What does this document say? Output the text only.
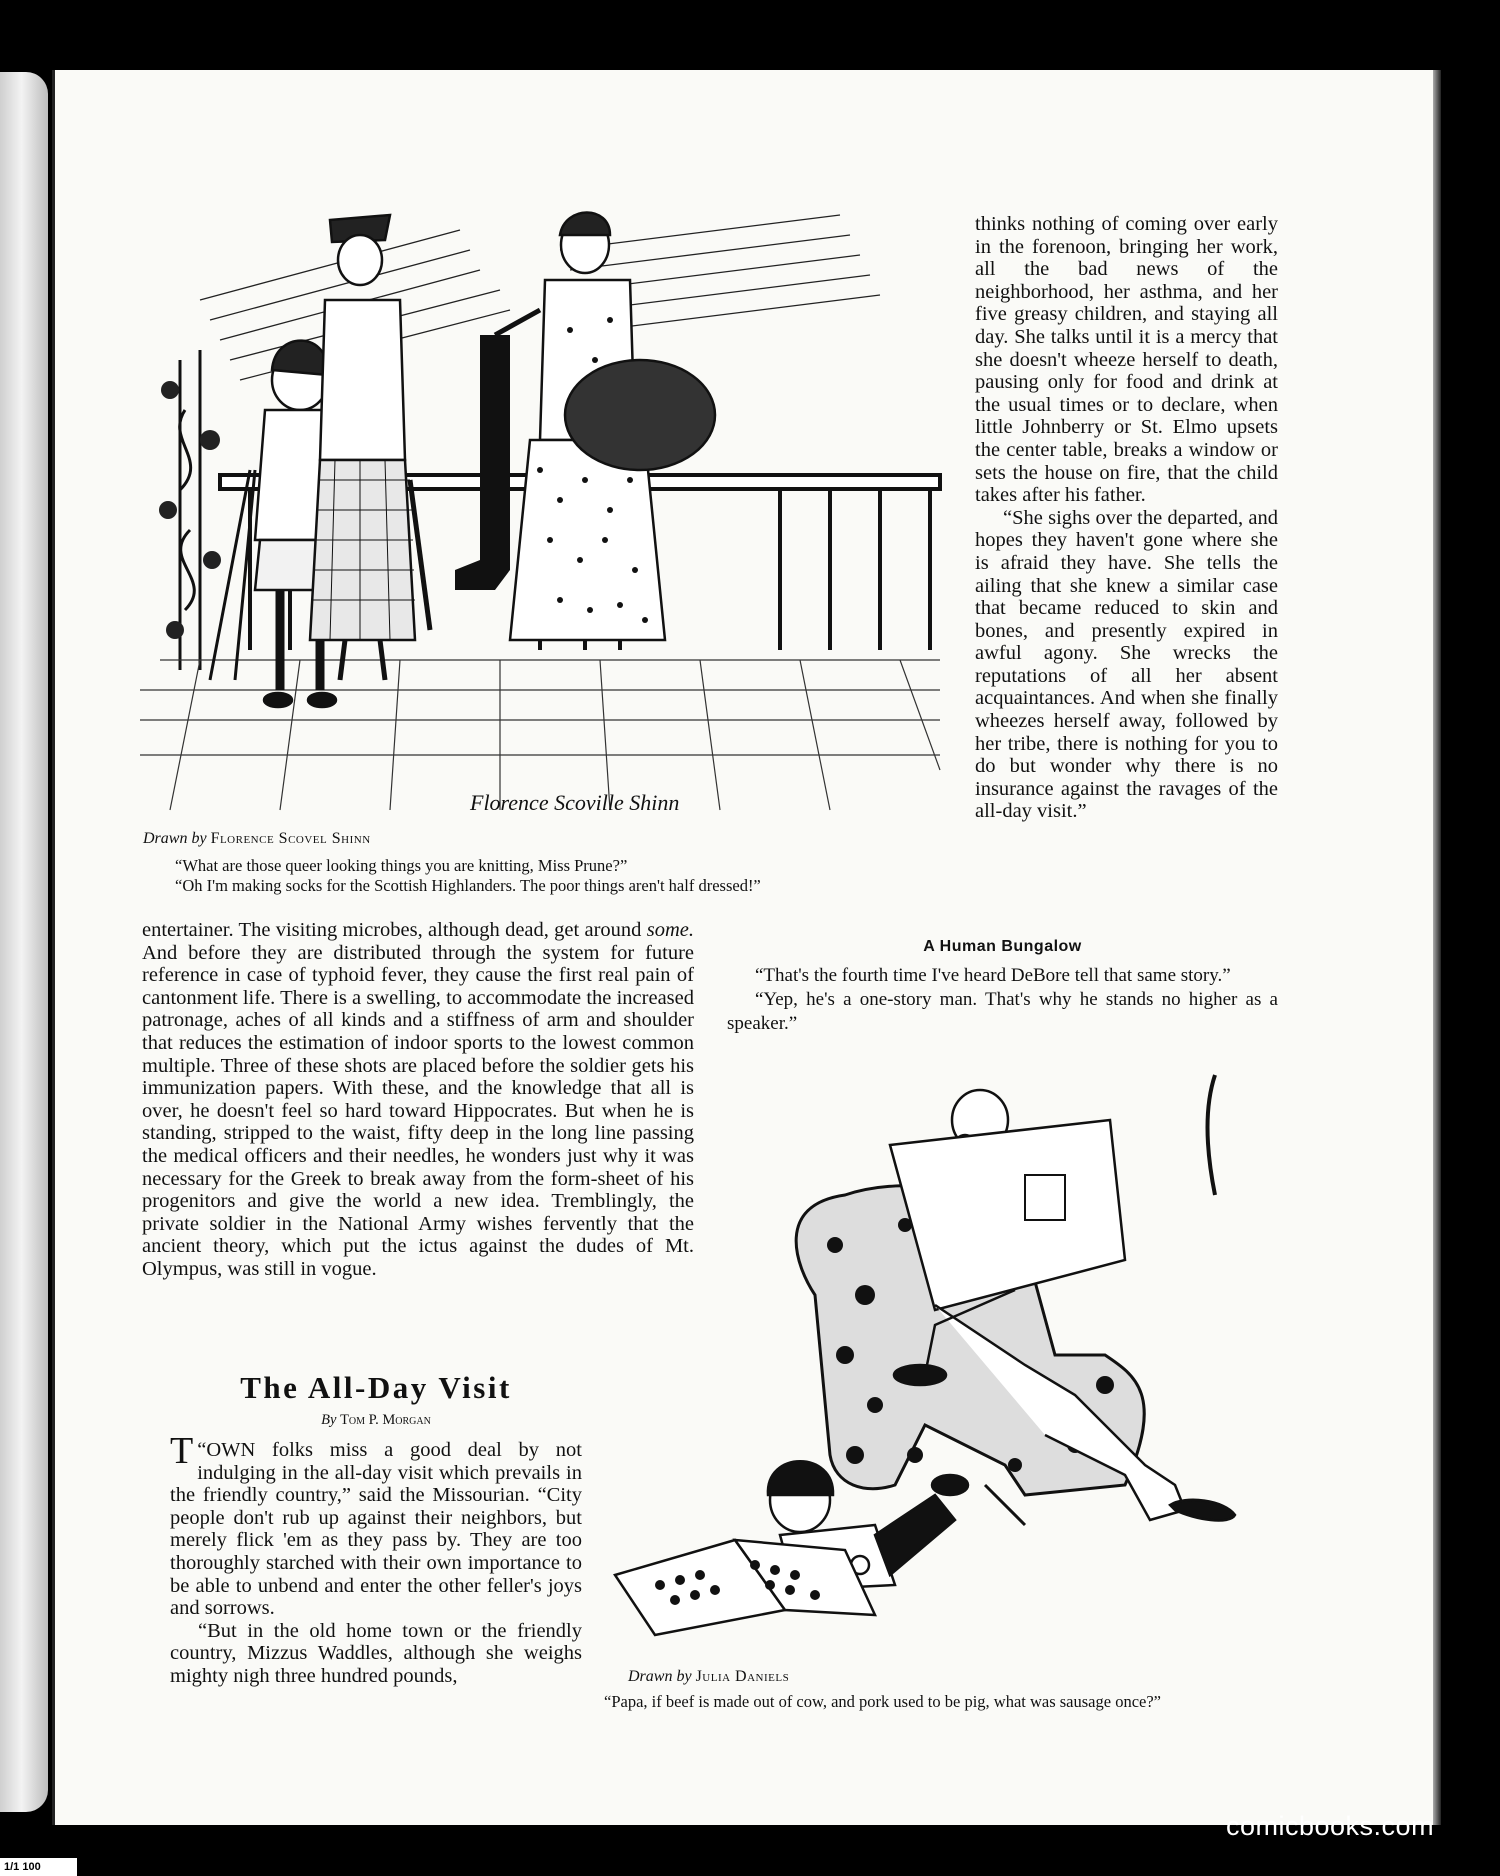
Florence Scoville Shinn
Drawn by Florence Scovel Shinn
“What are those queer looking things you are knitting, Miss Prune?”
“Oh I'm making socks for the Scottish Highlanders. The poor things aren't half dressed!”

thinks nothing of coming over early in the forenoon, bringing her work, all the bad news of the neighborhood, her asthma, and her five greasy children, and staying all day. She talks until it is a mercy that she doesn't wheeze herself to death, pausing only for food and drink at the usual times or to declare, when little Johnberry or St. Elmo upsets the center table, breaks a window or sets the house on fire, that the child takes after his father.

“She sighs over the departed, and hopes they haven't gone where she is afraid they have. She tells the ailing that she knew a similar case that became reduced to skin and bones, and presently expired in awful agony. She wrecks the reputations of all her absent acquaintances. And when she finally wheezes herself away, followed by her tribe, there is nothing for you to do but wonder why there is no insurance against the ravages of the all-day visit.”

entertainer. The visiting microbes, although dead, get around some. And before they are distributed through the system for future reference in case of typhoid fever, they cause the first real pain of cantonment life. There is a swelling, to accommodate the increased patronage, aches of all kinds and a stiffness of arm and shoulder that reduces the estimation of indoor sports to the lowest common multiple. Three of these shots are placed before the soldier gets his immunization papers. With these, and the knowledge that all is over, he doesn't feel so hard toward Hippocrates. But when he is standing, stripped to the waist, fifty deep in the long line passing the medical officers and their needles, he wonders just why it was necessary for the Greek to break away from the form-sheet of his progenitors and give the world a new idea. Tremblingly, the private soldier in the National Army wishes fervently that the ancient theory, which put the ictus against the dudes of Mt. Olympus, was still in vogue.

The All-Day Visit
By Tom P. Morgan

“
T OWN folks miss a good deal by not indulging in the all-day visit which prevails in the friendly country,” said the Missourian. “City people don't rub up against their neighbors, but merely flick 'em as they pass by. They are too thoroughly starched with their own importance to be able to unbend and enter the other feller's joys and sorrows.

“But in the old home town or the friendly country, Mizzus Waddles, although she weighs mighty nigh three hundred pounds,

A Human Bungalow

“That's the fourth time I've heard DeBore tell that same story.”

“Yep, he's a one-story man. That's why he stands no higher as a speaker.”

Drawn by Julia Daniels
“Papa, if beef is made out of cow, and pork used to be pig, what was sausage once?”
comicbooks.com
1/1 100
